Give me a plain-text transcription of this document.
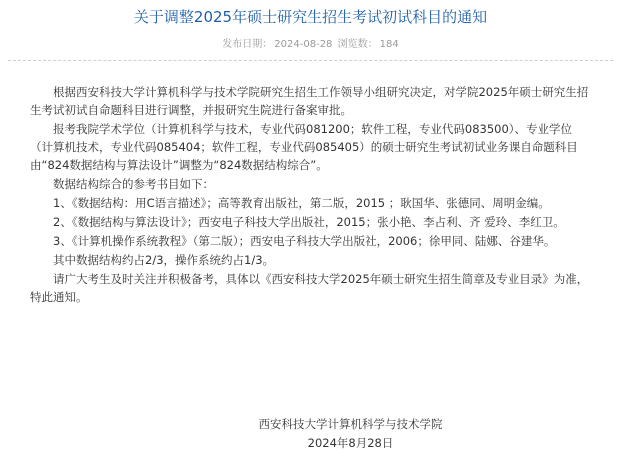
关于调整2025年硕士研究生招生考试初试科目的通知
发布日期： 2024-08-28 浏览数： 184

根据西安科技大学计算机科学与技术学院研究生招生工作领导小组研究决定，对学院2025年硕士研究生招生考试初试自命题科目进行调整，并报研究生院进行备案审批。

报考我院学术学位（计算机科学与技术，专业代码081200；软件工程，专业代码083500）、专业学位（计算机技术，专业代码085404；软件工程，专业代码085405）的硕士研究生考试初试业务课自命题科目由“824数据结构与算法设计”调整为“824数据结构综合”。

数据结构综合的参考书目如下：

1、《数据结构：用C语言描述》；高等教育出版社，第二版，2015 ；耿国华、张德同、周明金编。

2、《数据结构与算法设计》；西安电子科技大学出版社，2015；张小艳、李占利、齐 爱玲、李红卫。

3、《计算机操作系统教程》（第二版）；西安电子科技大学出版社，2006；徐甲同、陆娜、谷建华。

其中数据结构约占2/3，操作系统约占1/3。

请广大考生及时关注并积极备考，具体以《西安科技大学2025年硕士研究生招生简章及专业目录》为准，特此通知。

西安科技大学计算机科学与技术学院
2024年8月28日
